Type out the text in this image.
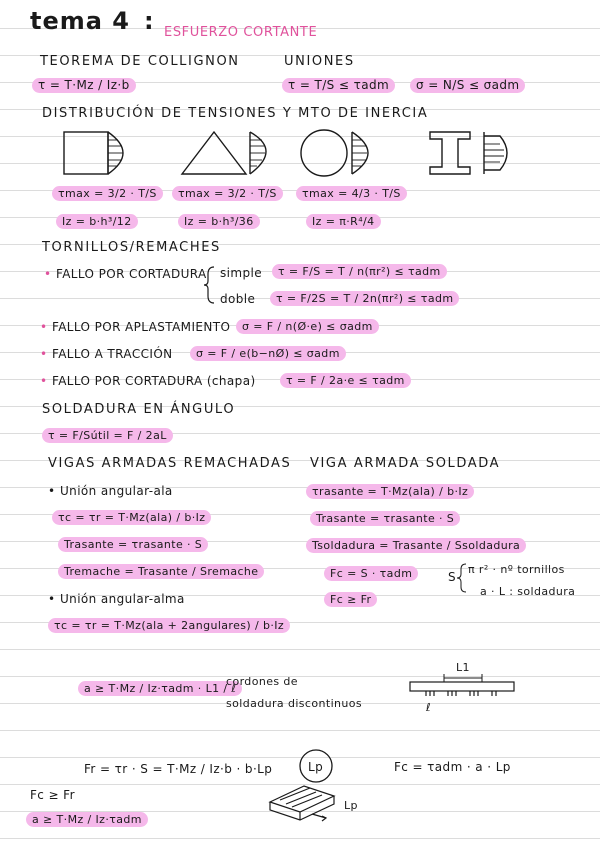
tema 4 : ESFUERZO CORTANTE
TEOREMA DE COLLIGNON	UNIONES
τ = T·Mz / Iz·b	τ = T/S ≤ τadm	σ = N/S ≤ σadm
DISTRIBUCIÓN DE TENSIONES Y MTO DE INERCIA
τmax = 3/2 · T/S	τmax = 3/2 · T/S	τmax = 4/3 · T/S
Iz = b·h³/12	Iz = b·h³/36	Iz = π·R⁴/4
TORNILLOS/REMACHES
• FALLO POR CORTADURA simple	τ = F/S = T / n(πr²) ≤ τadm
doble	τ = F/2S = T / 2n(πr²) ≤ τadm
• FALLO POR APLASTAMIENTO	σ = F / n(Ø·e) ≤ σadm
• FALLO A TRACCIÓN	σ = F / e(b−nØ) ≤ σadm
• FALLO POR CORTADURA (chapa)	τ = F / 2a·e ≤ τadm
SOLDADURA EN ÁNGULO
τ = F/Sútil = F / 2aL
VIGAS ARMADAS REMACHADAS
• Unión angular-ala
τc = τr = T·Mz(ala) / b·Iz
Trasante = τrasante · S
Tremache = Trasante / Sremache
• Unión angular-alma
τc = τr = T·Mz(ala + 2angulares) / b·Iz
VIGA ARMADA SOLDADA
τrasante = T·Mz(ala) / b·Iz
Trasante = τrasante · S
Tsoldadura = Trasante / Ssoldadura
Fc = S · τadm	S
π r² · nº tornillos
a · L : soldadura
Fc ≥ Fr
a ≥ T·Mz / Iz·τadm · L1 / ℓ
cordones de
soldadura discontinuos
L1
ℓ
Fr = τr · S = T·Mz / Iz·b · b·Lp	Lp	Fc = τadm · a · Lp
Lp
Fc ≥ Fr
a ≥ T·Mz / Iz·τadm
